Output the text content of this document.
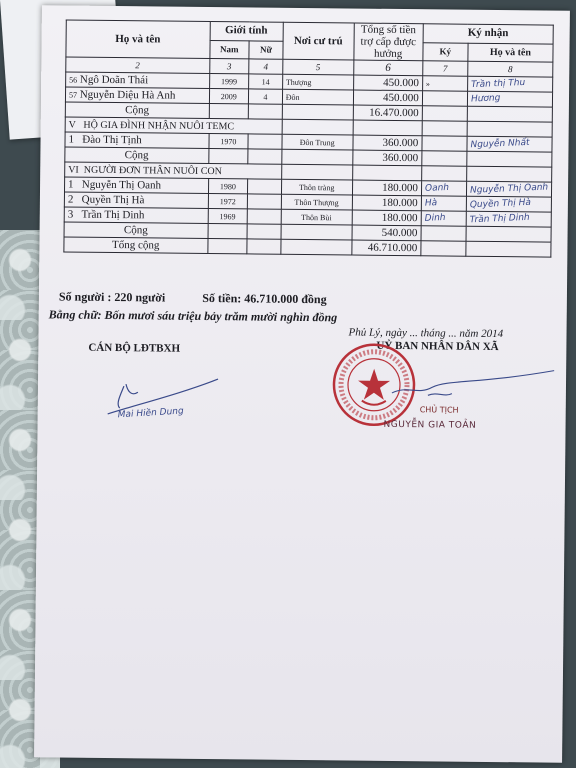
Họ và tên	Giới tính		Nơi cư trú	Tổng số tiền trợ cấp được hưởng	Ký nhận	
	Nam	Nữ			Ký	Họ và tên
2	3	4	5	6	7	8
56 Ngô Doãn Thái	1999	14	Thượng	450.000	»	Trần thị Thu
57 Nguyễn Diệu Hà Anh	2009	4	Đôn	450.000		Hương
Cộng				16.470.000		
V HỘ GIA ĐÌNH NHẬN NUÔI TEMC						
1 Đào Thị Tịnh	1970		Đôn Trung	360.000		Nguyễn Nhất
Cộng				360.000		
VI NGƯỜI ĐƠN THÂN NUÔI CON						
1 Nguyễn Thị Oanh	1980		Thôn tràng	180.000	Oanh	Nguyễn Thị Oanh
2 Quyền Thị Hà	1972		Thôn Thượng	180.000	Hà	Quyền Thị Hà
3 Trần Thị Dinh	1969		Thôn Bùi	180.000	Dinh	Trần Thị Dinh
Cộng				540.000		
Tổng cộng				46.710.000		
Số người : 220 người	Số tiền: 46.710.000 đồng
Bằng chữ: Bốn mươi sáu triệu bảy trăm mười nghìn đồng
Phủ Lý, ngày ... tháng ... năm 2014
CÁN BỘ LĐTBXH
Mai Hiền Dung
UỶ BAN NHÂN DÂN XÃ
CHỦ TỊCH
NGUYỄN GIA TOẢN
